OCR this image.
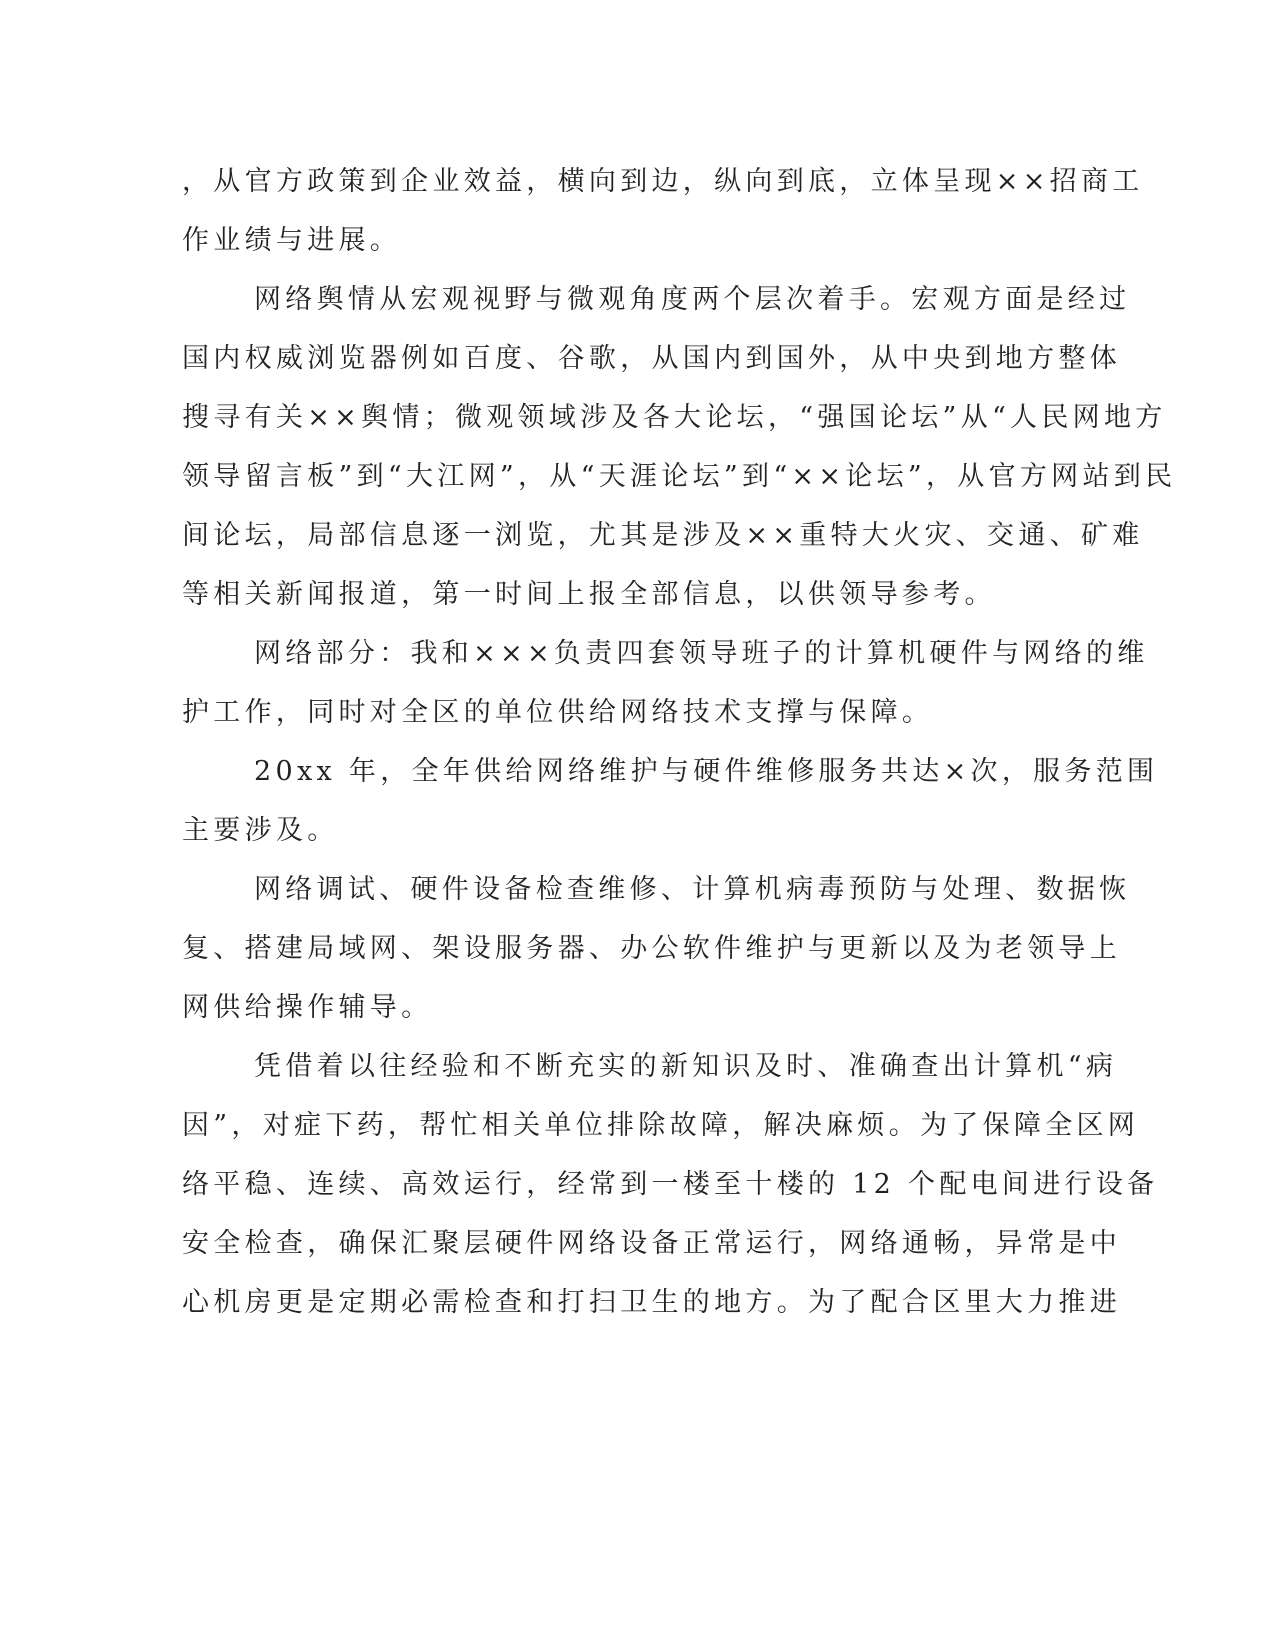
，从官方政策到企业效益，横向到边，纵向到底，立体呈现××招商工
作业绩与进展。
网络舆情从宏观视野与微观角度两个层次着手。宏观方面是经过
国内权威浏览器例如百度、谷歌，从国内到国外，从中央到地方整体
搜寻有关××舆情；微观领域涉及各大论坛，“强国论坛”从“人民网地方
领导留言板”到“大江网”，从“天涯论坛”到“××论坛”，从官方网站到民
间论坛，局部信息逐一浏览，尤其是涉及××重特大火灾、交通、矿难
等相关新闻报道，第一时间上报全部信息，以供领导参考。
网络部分：我和×××负责四套领导班子的计算机硬件与网络的维
护工作，同时对全区的单位供给网络技术支撑与保障。
20xx 年，全年供给网络维护与硬件维修服务共达×次，服务范围
主要涉及。
网络调试、硬件设备检查维修、计算机病毒预防与处理、数据恢
复、搭建局域网、架设服务器、办公软件维护与更新以及为老领导上
网供给操作辅导。
凭借着以往经验和不断充实的新知识及时、准确查出计算机“病
因”，对症下药，帮忙相关单位排除故障，解决麻烦。为了保障全区网
络平稳、连续、高效运行，经常到一楼至十楼的 12 个配电间进行设备
安全检查，确保汇聚层硬件网络设备正常运行，网络通畅，异常是中
心机房更是定期必需检查和打扫卫生的地方。为了配合区里大力推进
